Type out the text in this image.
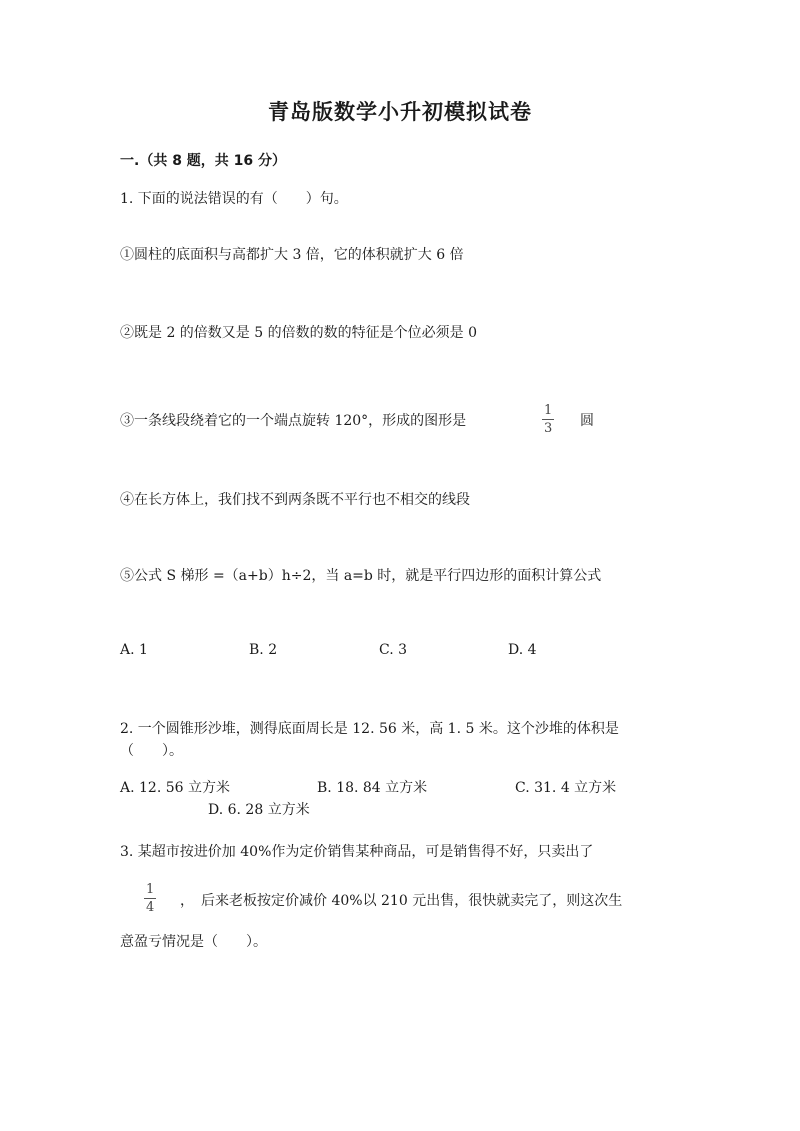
青岛版数学小升初模拟试卷
一.（共 8 题，共 16 分）
1. 下面的说法错误的有（　　）句。
①圆柱的底面积与高都扩大 3 倍，它的体积就扩大 6 倍
②既是 2 的倍数又是 5 的倍数的数的特征是个位必须是 0
③一条线段绕着它的一个端点旋转 120°，形成的图形是
1
3 圆
④在长方体上，我们找不到两条既不平行也不相交的线段
⑤公式 S 梯形 =（a+b）h÷2，当 a=b 时，就是平行四边形的面积计算公式
A. 1	B. 2	C. 3	D. 4
2. 一个圆锥形沙堆，测得底面周长是 12. 56 米，高 1. 5 米。这个沙堆的体积是
（　　）。
A. 12. 56 立方米	B. 18. 84 立方米	C. 31. 4 立方米
D. 6. 28 立方米
3. 某超市按进价加 40%作为定价销售某种商品，可是销售得不好，只卖出了
1
4 ，　后来老板按定价减价 40%以 210 元出售，很快就卖完了，则这次生
意盈亏情况是（　　）。
